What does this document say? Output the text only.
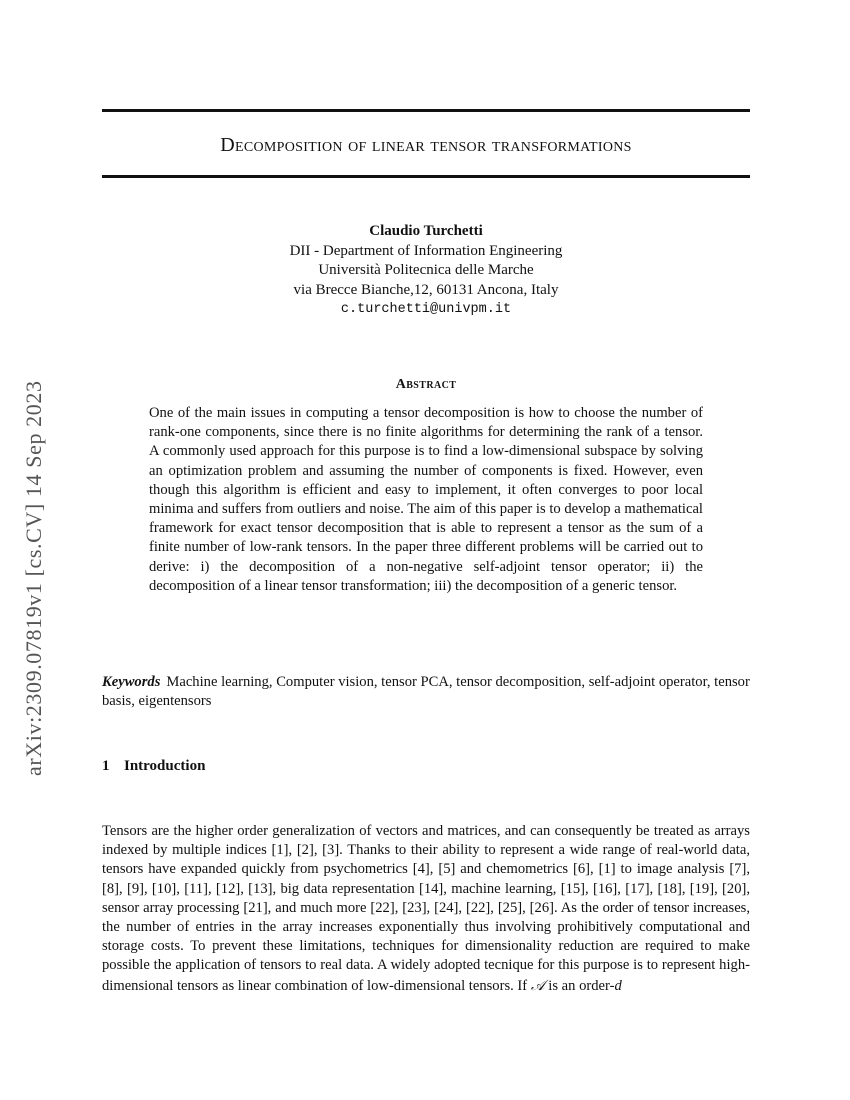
arXiv:2309.07819v1 [cs.CV] 14 Sep 2023
Decomposition of linear tensor transformations
Claudio Turchetti
DII - Department of Information Engineering
Università Politecnica delle Marche
via Brecce Bianche,12, 60131 Ancona, Italy
c.turchetti@univpm.it
Abstract
One of the main issues in computing a tensor decomposition is how to choose the number of rank-one components, since there is no finite algorithms for determining the rank of a tensor. A commonly used approach for this purpose is to find a low-dimensional subspace by solving an optimization problem and assuming the number of components is fixed. However, even though this algorithm is efficient and easy to implement, it often converges to poor local minima and suffers from outliers and noise. The aim of this paper is to develop a mathematical framework for exact tensor decomposition that is able to represent a tensor as the sum of a finite number of low-rank tensors. In the paper three different problems will be carried out to derive: i) the decomposition of a non-negative self-adjoint tensor operator; ii) the decomposition of a linear tensor transformation; iii) the decomposition of a generic tensor.
Keywords Machine learning, Computer vision, tensor PCA, tensor decomposition, self-adjoint operator, tensor basis, eigentensors
1 Introduction
Tensors are the higher order generalization of vectors and matrices, and can consequently be treated as arrays indexed by multiple indices [1], [2], [3]. Thanks to their ability to represent a wide range of real-world data, tensors have expanded quickly from psychometrics [4], [5] and chemometrics [6], [1] to image analysis [7], [8], [9], [10], [11], [12], [13], big data representation [14], machine learning, [15], [16], [17], [18], [19], [20], sensor array processing [21], and much more [22], [23], [24], [22], [25], [26]. As the order of tensor increases, the number of entries in the array increases exponentially thus involving prohibitively computational and storage costs. To prevent these limitations, techniques for dimensionality reduction are required to make possible the application of tensors to real data. A widely adopted tecnique for this purpose is to represent high-dimensional tensors as linear combination of low-dimensional tensors. If 𝒜 is an order-d
